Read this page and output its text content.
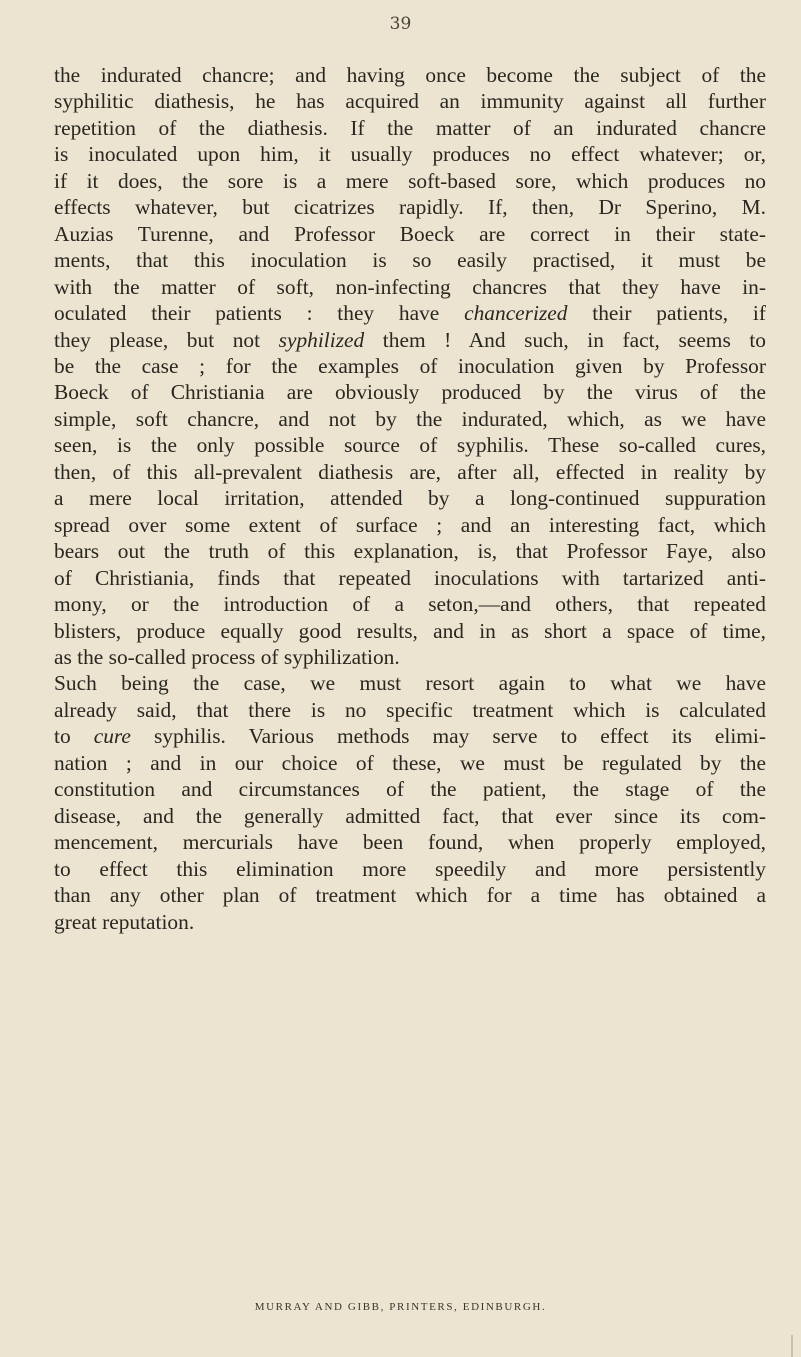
39
the indurated chancre; and having once become the subject of the
syphilitic diathesis, he has acquired an immunity against all further
repetition of the diathesis. If the matter of an indurated chancre
is inoculated upon him, it usually produces no effect whatever; or,
if it does, the sore is a mere soft-based sore, which produces no
effects whatever, but cicatrizes rapidly. If, then, Dr Sperino, M.
Auzias Turenne, and Professor Boeck are correct in their state-
ments, that this inoculation is so easily practised, it must be
with the matter of soft, non-infecting chancres that they have in-
oculated their patients : they have chancerized their patients, if
they please, but not syphilized them ! And such, in fact, seems to
be the case ; for the examples of inoculation given by Professor
Boeck of Christiania are obviously produced by the virus of the
simple, soft chancre, and not by the indurated, which, as we have
seen, is the only possible source of syphilis. These so-called cures,
then, of this all-prevalent diathesis are, after all, effected in reality by
a mere local irritation, attended by a long-continued suppuration
spread over some extent of surface ; and an interesting fact, which
bears out the truth of this explanation, is, that Professor Faye, also
of Christiania, finds that repeated inoculations with tartarized anti-
mony, or the introduction of a seton,—and others, that repeated
blisters, produce equally good results, and in as short a space of time,
as the so-called process of syphilization.
Such being the case, we must resort again to what we have
already said, that there is no specific treatment which is calculated
to cure syphilis. Various methods may serve to effect its elimi-
nation ; and in our choice of these, we must be regulated by the
constitution and circumstances of the patient, the stage of the
disease, and the generally admitted fact, that ever since its com-
mencement, mercurials have been found, when properly employed,
to effect this elimination more speedily and more persistently
than any other plan of treatment which for a time has obtained a
great reputation.
MURRAY AND GIBB, PRINTERS, EDINBURGH.
